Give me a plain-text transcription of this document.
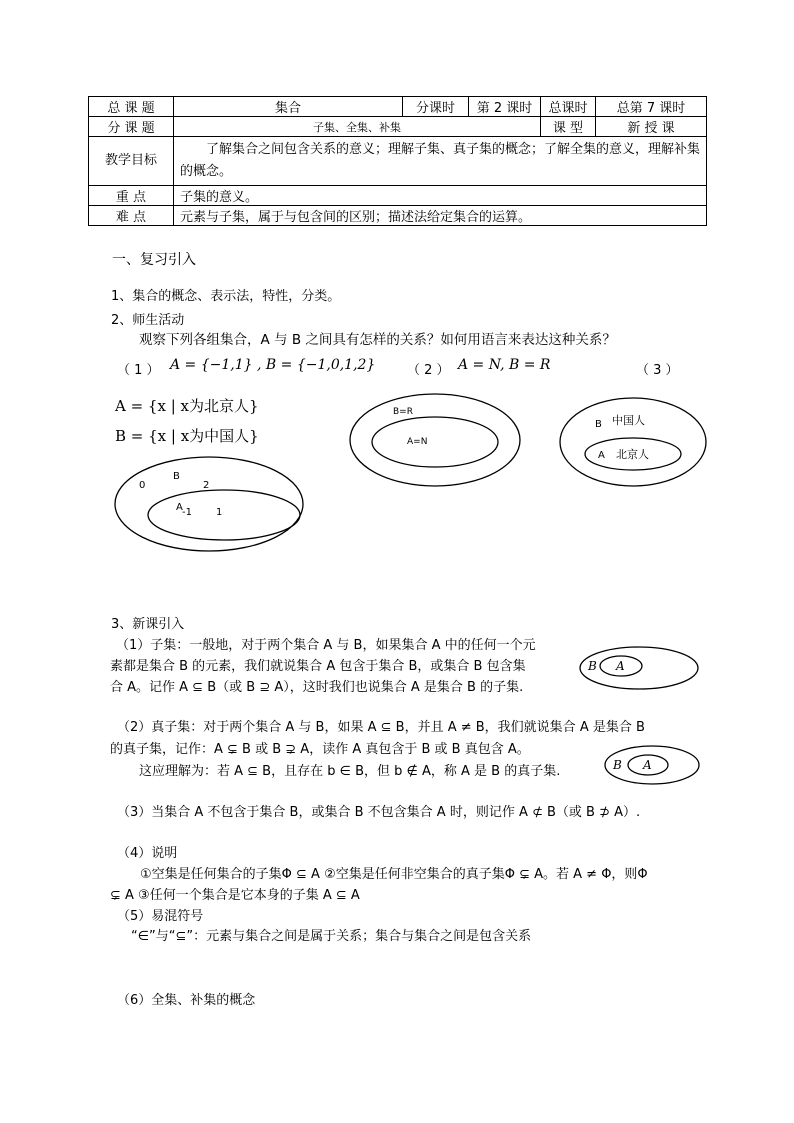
总 课 题	集合	分课时	第 2 课时	总课时	总第 7 课时
分 课 题	子集、全集、补集			课 型	新 授 课
教学目标	了解集合之间包含关系的意义；理解子集、真子集的概念；了解全集的意义，理解补集的概念。				
重 点	子集的意义。				
难 点	元素与子集，属于与包含间的区别；描述法给定集合的运算。				
一、复习引入
1、集合的概念、表示法，特性，分类。
2、师生活动
观察下列各组集合，A 与 B 之间具有怎样的关系？如何用语言来表达这种关系？
（ 1 ） A = {−1,1} , B = {−1,0,1,2} （ 2 ） A = N, B = R	（ 3 ）
A = {x | x为北京人}
B = {x | x为中国人}
B
0	2
A -1 1
B=R
A=N
B 中国人
A 北京人
3、新课引入
（1）子集：一般地，对于两个集合 A 与 B，如果集合 A 中的任何一个元
素都是集合 B 的元素，我们就说集合 A 包含于集合 B，或集合 B 包含集
合 A。记作 A ⊆ B（或 B ⊇ A），这时我们也说集合 A 是集合 B 的子集.
B A
（2）真子集：对于两个集合 A 与 B，如果 A ⊆ B，并且 A ≠ B，我们就说集合 A 是集合 B
的真子集，记作：A ⊊ B 或 B ⊋ A，读作 A 真包含于 B 或 B 真包含 A。
这应理解为：若 A ⊆ B，且存在 b ∈ B，但 b ∉ A，称 A 是 B 的真子集.	B A
（3）当集合 A 不包含于集合 B，或集合 B 不包含集合 A 时，则记作 A ⊄ B（或 B ⊅ A）.
（4）说明
①空集是任何集合的子集Φ ⊆ A ②空集是任何非空集合的真子集Φ ⊊ A。若 A ≠ Φ，则Φ
⊊ A ③任何一个集合是它本身的子集 A ⊆ A
（5）易混符号
“∈”与“⊆”：元素与集合之间是属于关系；集合与集合之间是包含关系
（6）全集、补集的概念
